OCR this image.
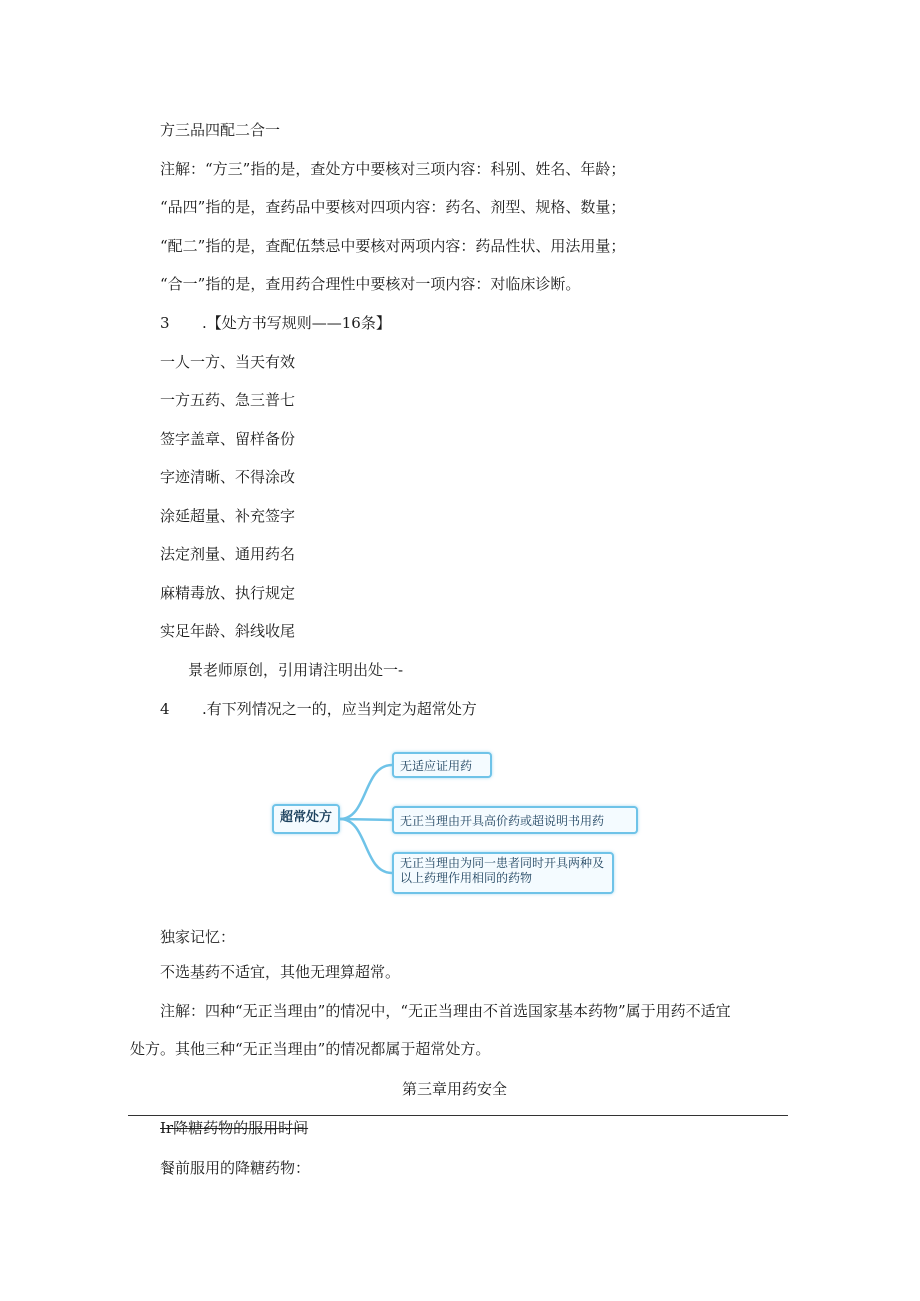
方三品四配二合一
注解：“方三”指的是，查处方中要核对三项内容：科别、姓名、年龄；
“品四”指的是，查药品中要核对四项内容：药名、剂型、规格、数量；
“配二”指的是，查配伍禁忌中要核对两项内容：药品性状、用法用量；
“合一”指的是，查用药合理性中要核对一项内容：对临床诊断。
3 .【处方书写规则——16条】
一人一方、当天有效
一方五药、急三普七
签字盖章、留样备份
字迹清晰、不得涂改
涂延超量、补充签字
法定剂量、通用药名
麻精毒放、执行规定
实足年龄、斜线收尾
景老师原创，引用请注明出处一-
4 .有下列情况之一的，应当判定为超常处方
超常处方
无适应证用药
无正当理由开具高价药或超说明书用药
无正当理由为同一患者同时开具两种及以上药理作用相同的药物
独家记忆：
不选基药不适宜，其他无理算超常。
注解：四种“无正当理由”的情况中，“无正当理由不首选国家基本药物”属于用药不适宜
处方。其他三种“无正当理由”的情况都属于超常处方。
第三章用药安全
Ir降糖药物的服用时间
餐前服用的降糖药物：
